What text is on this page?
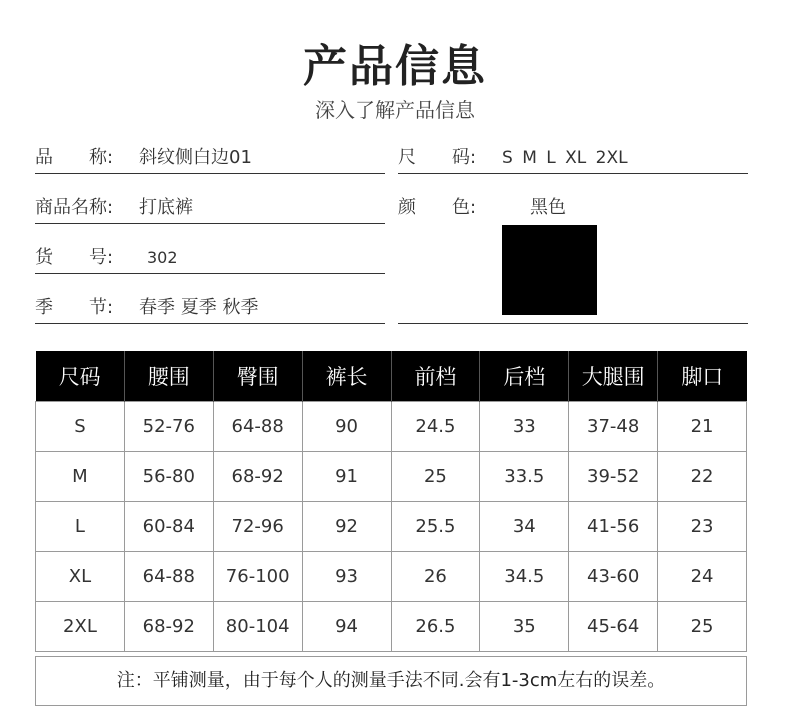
产品信息
深入了解产品信息
品　　称: 斜纹侧白边01
商品名称: 打底裤
货　　号: 302
季　　节: 春季 夏季 秋季
尺　　码: S M L XL 2XL
颜　　色:	黑色
尺码	腰围	臀围	裤长	前档	后档	大腿围	脚口
S	52-76	64-88	90	24.5	33	37-48	21
M	56-80	68-92	91	25	33.5	39-52	22
L	60-84	72-96	92	25.5	34	41-56	23
XL	64-88	76-100	93	26	34.5	43-60	24
2XL	68-92	80-104	94	26.5	35	45-64	25
注：平铺测量，由于每个人的测量手法不同.会有1-3cm左右的误差。
